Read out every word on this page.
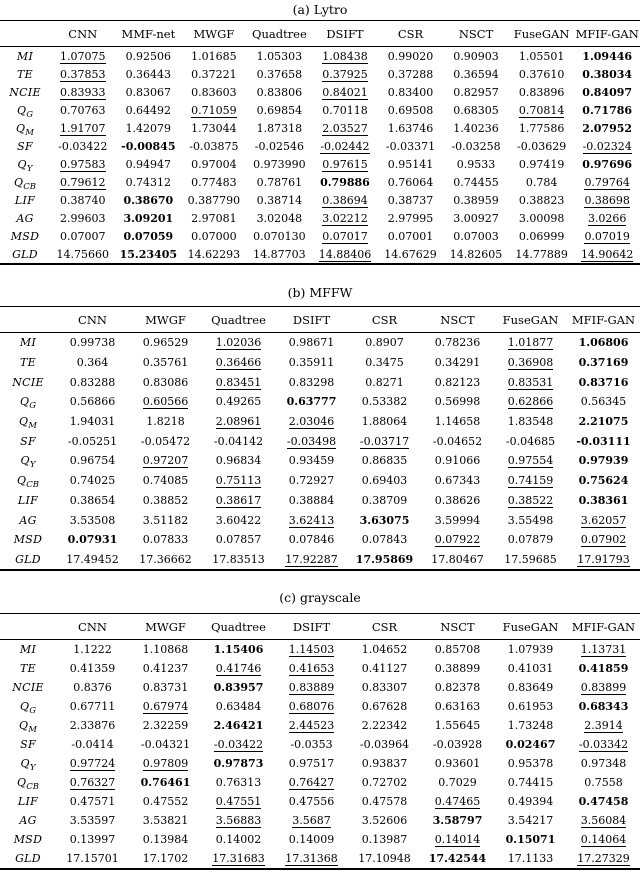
(a) Lytro
	CNN	MMF-net	MWGF	Quadtree	DSIFT	CSR	NSCT	FuseGAN	MFIF-GAN
MI	1.07075	0.92506	1.01685	1.05303	1.08438	0.99020	0.90903	1.05501	1.09446
TE	0.37853	0.36443	0.37221	0.37658	0.37925	0.37288	0.36594	0.37610	0.38034
NCIE	0.83933	0.83067	0.83603	0.83806	0.84021	0.83400	0.82957	0.83896	0.84097
$Q_G$	0.70763	0.64492	0.71059	0.69854	0.70118	0.69508	0.68305	0.70814	0.71786
$Q_M$	1.91707	1.42079	1.73044	1.87318	2.03527	1.63746	1.40236	1.77586	2.07952
SF	-0.03422	-0.00845	-0.03875	-0.02546	-0.02442	-0.03371	-0.03258	-0.03629	-0.02324
$Q_Y$	0.97583	0.94947	0.97004	0.973990	0.97615	0.95141	0.9533	0.97419	0.97696
$Q_{CB}$	0.79612	0.74312	0.77483	0.78761	0.79886	0.76064	0.74455	0.784	0.79764
LIF	0.38740	0.38670	0.387790	0.38714	0.38694	0.38737	0.38959	0.38823	0.38698
AG	2.99603	3.09201	2.97081	3.02048	3.02212	2.97995	3.00927	3.00098	3.0266
MSD	0.07007	0.07059	0.07000	0.070130	0.07017	0.07001	0.07003	0.06999	0.07019
GLD	14.75660	15.23405	14.62293	14.87703	14.88406	14.67629	14.82605	14.77889	14.90642
(b) MFFW
	CNN	MWGF	Quadtree	DSIFT	CSR	NSCT	FuseGAN	MFIF-GAN
MI	0.99738	0.96529	1.02036	0.98671	0.8907	0.78236	1.01877	1.06806
TE	0.364	0.35761	0.36466	0.35911	0.3475	0.34291	0.36908	0.37169
NCIE	0.83288	0.83086	0.83451	0.83298	0.8271	0.82123	0.83531	0.83716
$Q_G$	0.56866	0.60566	0.49265	0.63777	0.53382	0.56998	0.62866	0.56345
$Q_M$	1.94031	1.8218	2.08961	2.03046	1.88064	1.14658	1.83548	2.21075
SF	-0.05251	-0.05472	-0.04142	-0.03498	-0.03717	-0.04652	-0.04685	-0.03111
$Q_Y$	0.96754	0.97207	0.96834	0.93459	0.86835	0.91066	0.97554	0.97939
$Q_{CB}$	0.74025	0.74085	0.75113	0.72927	0.69403	0.67343	0.74159	0.75624
LIF	0.38654	0.38852	0.38617	0.38884	0.38709	0.38626	0.38522	0.38361
AG	3.53508	3.51182	3.60422	3.62413	3.63075	3.59994	3.55498	3.62057
MSD	0.07931	0.07833	0.07857	0.07846	0.07843	0.07922	0.07879	0.07902
GLD	17.49452	17.36662	17.83513	17.92287	17.95869	17.80467	17.59685	17.91793
(c) grayscale
	CNN	MWGF	Quadtree	DSIFT	CSR	NSCT	FuseGAN	MFIF-GAN
MI	1.1222	1.10868	1.15406	1.14503	1.04652	0.85708	1.07939	1.13731
TE	0.41359	0.41237	0.41746	0.41653	0.41127	0.38899	0.41031	0.41859
NCIE	0.8376	0.83731	0.83957	0.83889	0.83307	0.82378	0.83649	0.83899
$Q_G$	0.67711	0.67974	0.63484	0.68076	0.67628	0.63163	0.61953	0.68343
$Q_M$	2.33876	2.32259	2.46421	2.44523	2.22342	1.55645	1.73248	2.3914
SF	-0.0414	-0.04321	-0.03422	-0.0353	-0.03964	-0.03928	0.02467	-0.03342
$Q_Y$	0.97724	0.97809	0.97873	0.97517	0.93837	0.93601	0.95378	0.97348
$Q_{CB}$	0.76327	0.76461	0.76313	0.76427	0.72702	0.7029	0.74415	0.7558
LIF	0.47571	0.47552	0.47551	0.47556	0.47578	0.47465	0.49394	0.47458
AG	3.53597	3.53821	3.56883	3.5687	3.52606	3.58797	3.54217	3.56084
MSD	0.13997	0.13984	0.14002	0.14009	0.13987	0.14014	0.15071	0.14064
GLD	17.15701	17.1702	17.31683	17.31368	17.10948	17.42544	17.1133	17.27329
